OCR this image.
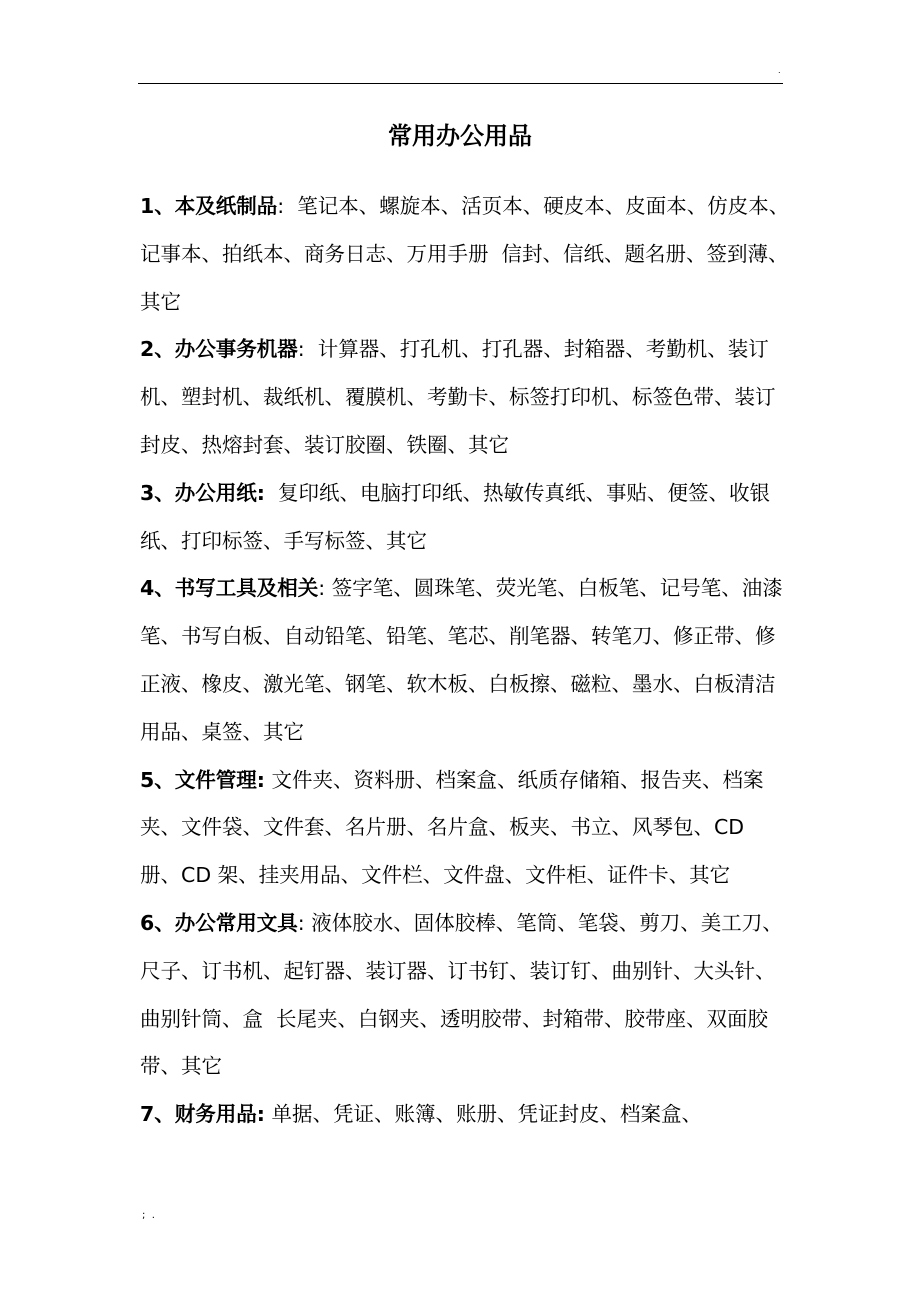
.
常用办公用品

1、本及纸制品:  笔记本、螺旋本、活页本、硬皮本、皮面本、仿皮本、记事本、拍纸本、商务日志、万用手册  信封、信纸、题名册、签到薄、其它

2、办公事务机器:  计算器、打孔机、打孔器、封箱器、考勤机、装订机、塑封机、裁纸机、覆膜机、考勤卡、标签打印机、标签色带、装订封皮、热熔封套、装订胶圈、铁圈、其它

3、办公用纸:  复印纸、电脑打印纸、热敏传真纸、事贴、便签、收银纸、打印标签、手写标签、其它

4、书写工具及相关: 签字笔、圆珠笔、荧光笔、白板笔、记号笔、油漆笔、书写白板、自动铅笔、铅笔、笔芯、削笔器、转笔刀、修正带、修正液、橡皮、激光笔、钢笔、软木板、白板擦、磁粒、墨水、白板清洁用品、桌签、其它

5、文件管理: 文件夹、资料册、档案盒、纸质存储箱、报告夹、档案夹、文件袋、文件套、名片册、名片盒、板夹、书立、风琴包、CD 册、CD 架、挂夹用品、文件栏、文件盘、文件柜、证件卡、其它

6、办公常用文具: 液体胶水、固体胶棒、笔筒、笔袋、剪刀、美工刀、尺子、订书机、起钉器、装订器、订书钉、装订钉、曲别针、大头针、曲别针筒、盒  长尾夹、白钢夹、透明胶带、封箱带、胶带座、双面胶带、其它

7、财务用品: 单据、凭证、账簿、账册、凭证封皮、档案盒、

;  .
